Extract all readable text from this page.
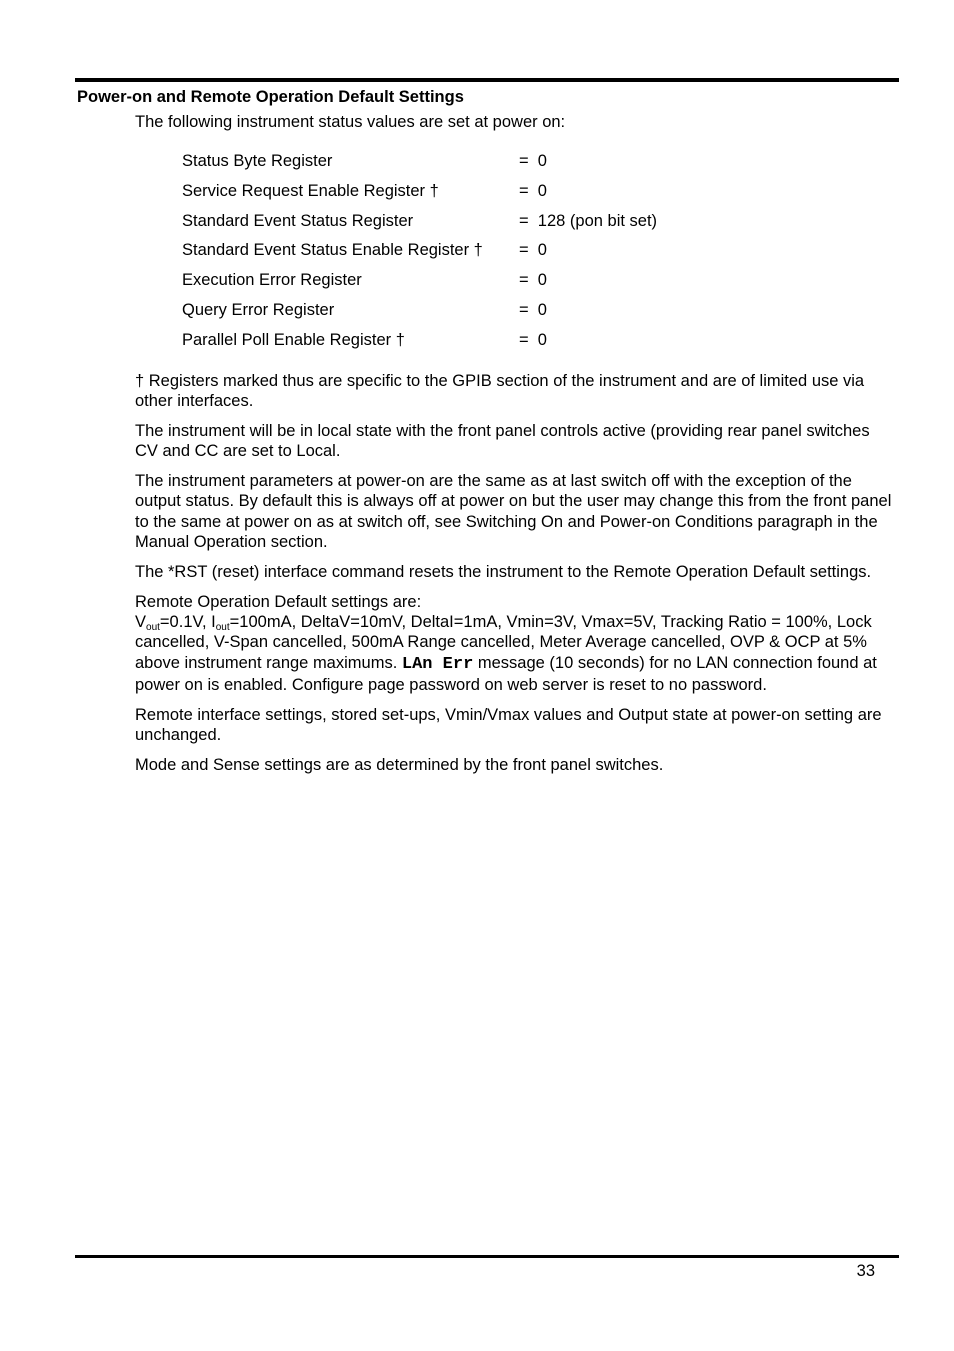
Power-on and Remote Operation Default Settings
The following instrument status values are set at power on:
Status Byte Register	=  0
Service Request Enable Register †	=  0
Standard Event Status Register	=  128 (pon bit set)
Standard Event Status Enable Register †	=  0
Execution Error Register	=  0
Query Error Register	=  0
Parallel Poll Enable Register †	=  0

† Registers marked thus are specific to the GPIB section of the instrument and are of limited use via other interfaces.

The instrument will be in local state with the front panel controls active (providing rear panel switches CV and CC are set to Local.

The instrument parameters at power-on are the same as at last switch off with the exception of the output status. By default this is always off at power on but the user may change this from the front panel to the same at power on as at switch off, see Switching On and Power-on Conditions paragraph in the Manual Operation section.

The *RST (reset) interface command resets the instrument to the Remote Operation Default settings.

Remote Operation Default settings are:
$V_{out}=0.1V$, $I_{out}=100mA$, DeltaV=10mV, DeltaI=1mA, Vmin=3V, Vmax=5V, Tracking Ratio = 100%, Lock cancelled, V-Span cancelled, 500mA Range cancelled, Meter Average cancelled, OVP & OCP at 5% above instrument range maximums. LAn Err message (10 seconds) for no LAN connection found at power on is enabled. Configure page password on web server is reset to no password.

Remote interface settings, stored set-ups, Vmin/Vmax values and Output state at power-on setting are unchanged.

Mode and Sense settings are as determined by the front panel switches.

33
